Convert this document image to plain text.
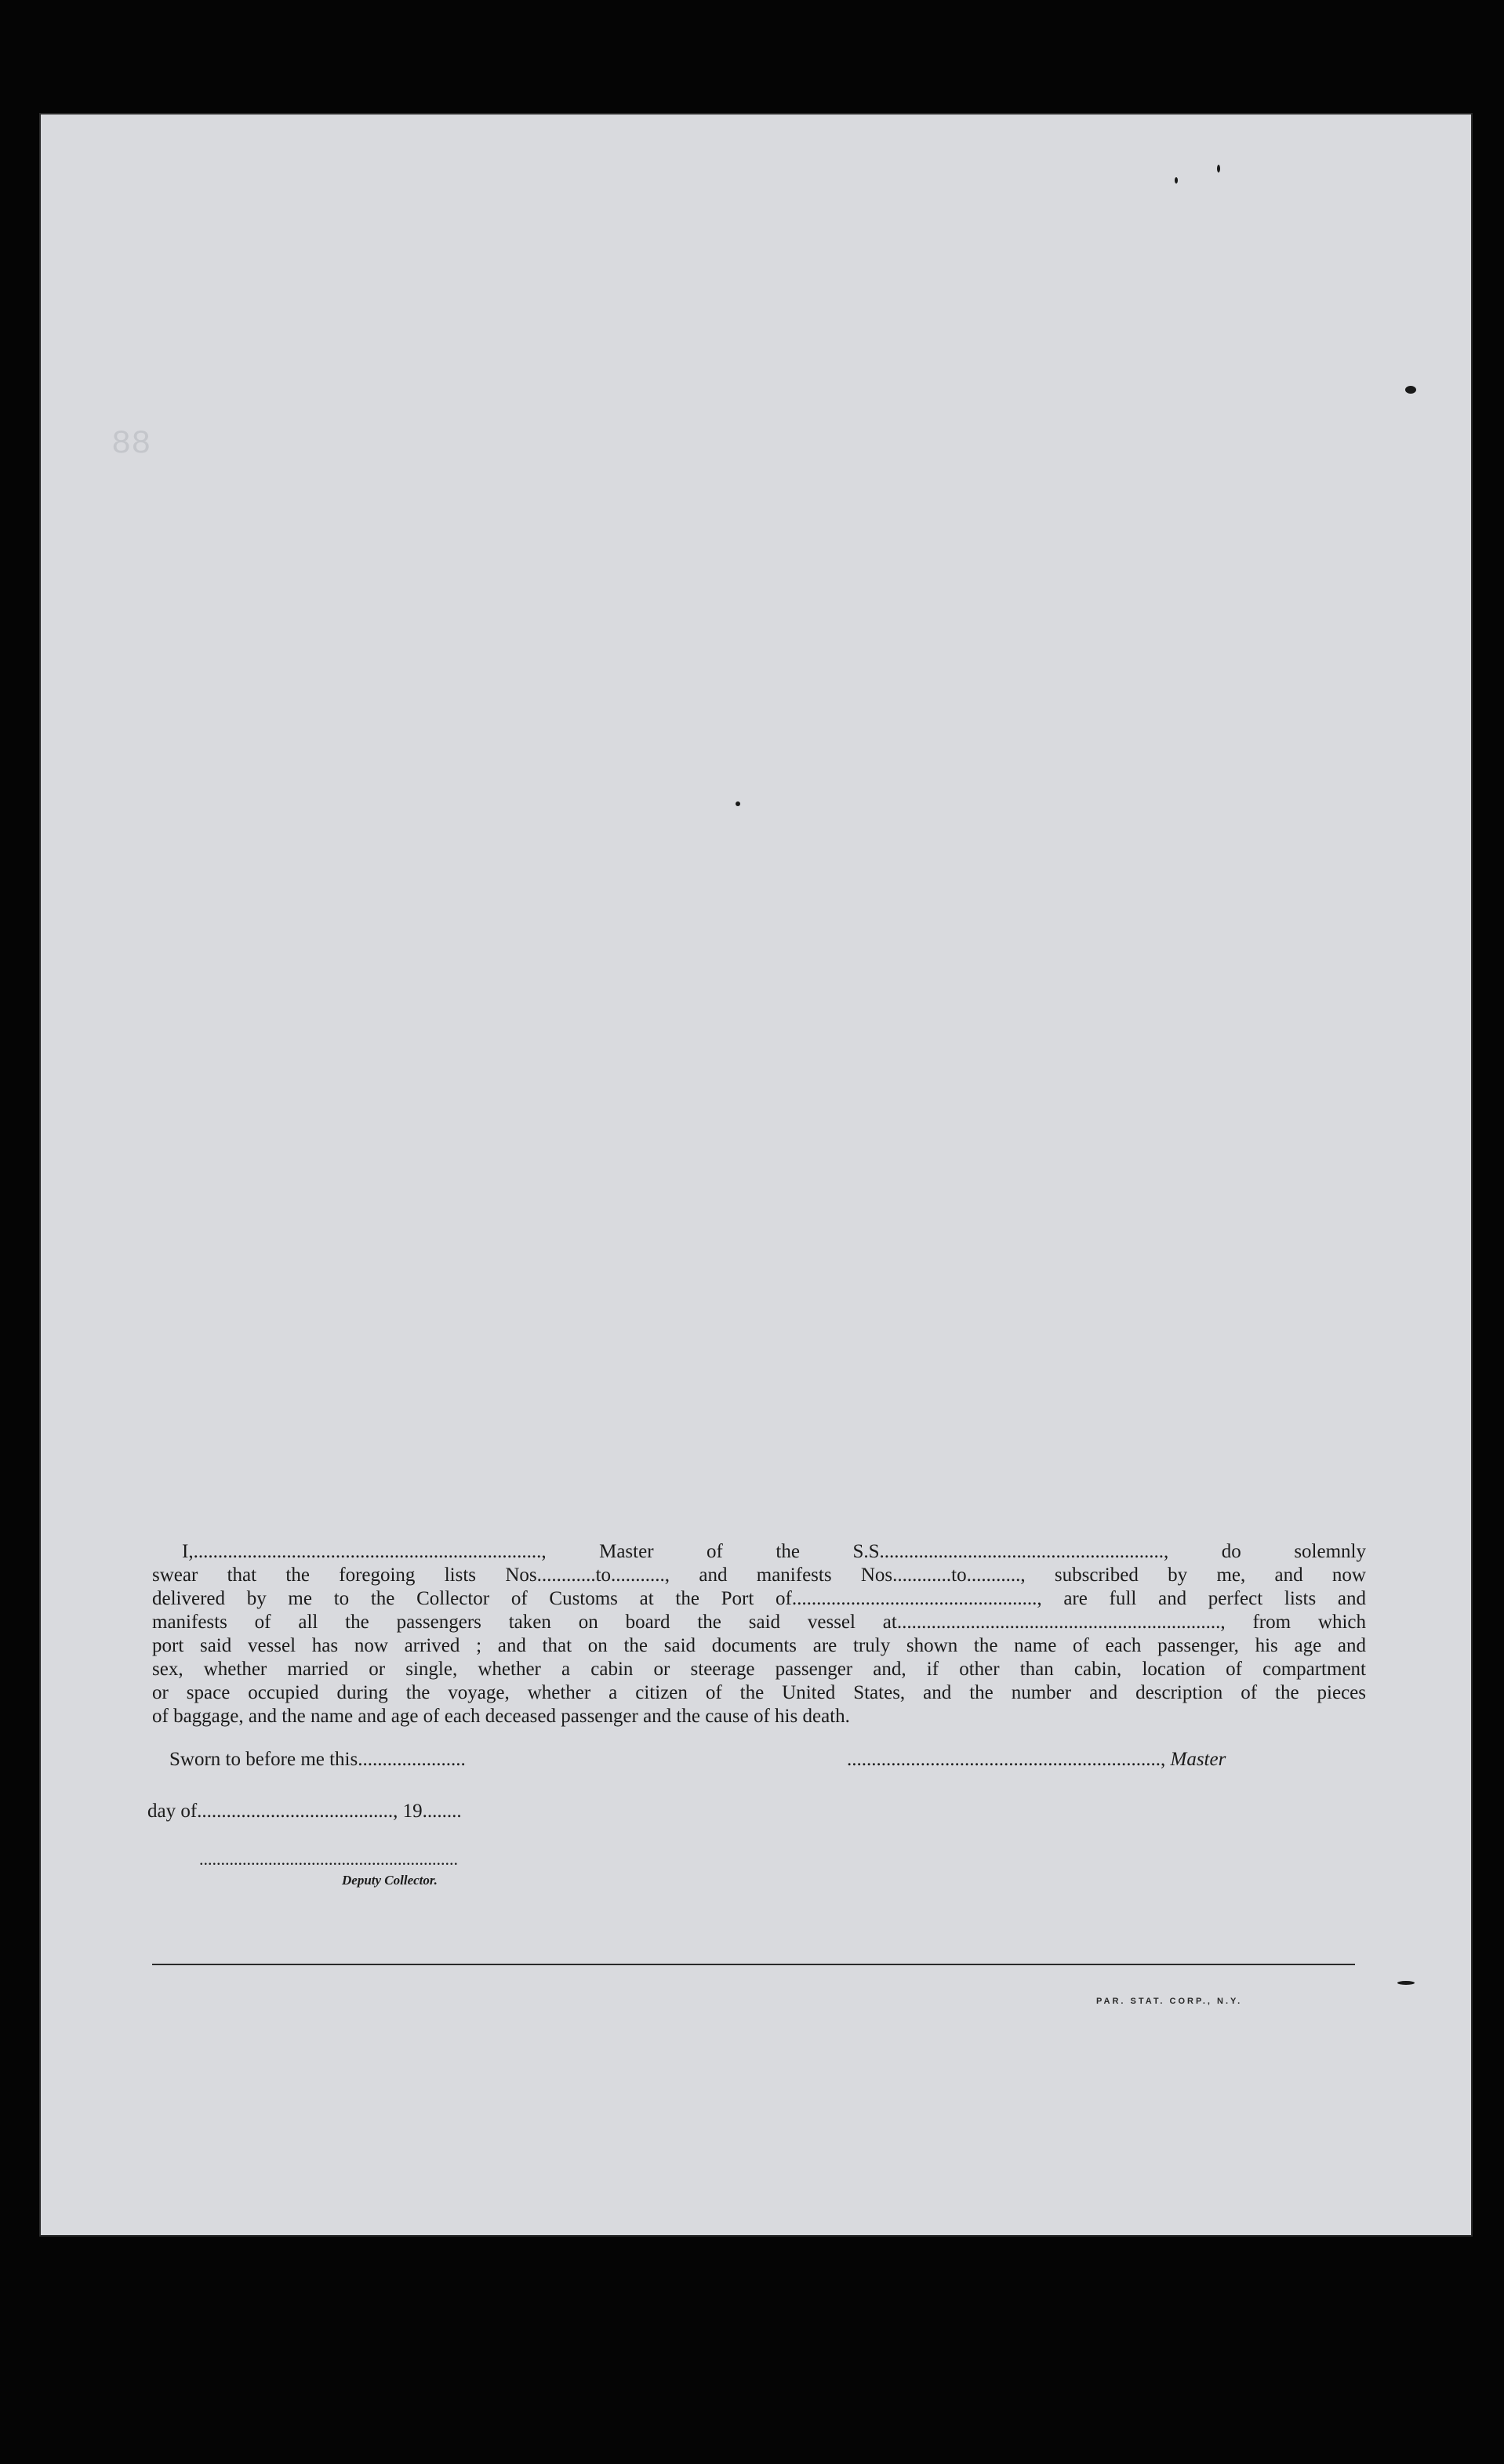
88
I,......................................................................., Master of the S.S.........................................................., do solemnly
swear that the foregoing lists Nos............to..........., and manifests Nos............to..........., subscribed by me, and now
delivered by me to the Collector of Customs at the Port of.................................................., are full and perfect lists and
manifests of all the passengers taken on board the said vessel at.................................................................., from which
port said vessel has now arrived ; and that on the said documents are truly shown the name of each passenger, his age and
sex, whether married or single, whether a cabin or steerage passenger and, if other than cabin, location of compartment
or space occupied during the voyage, whether a citizen of the United States, and the number and description of the pieces
of baggage, and the name and age of each deceased passenger and the cause of his death.
Sworn to before me this......................	................................................................, Master
day of........................................, 19........
............................................................
Deputy Collector.
PAR. STAT. CORP., N.Y.
